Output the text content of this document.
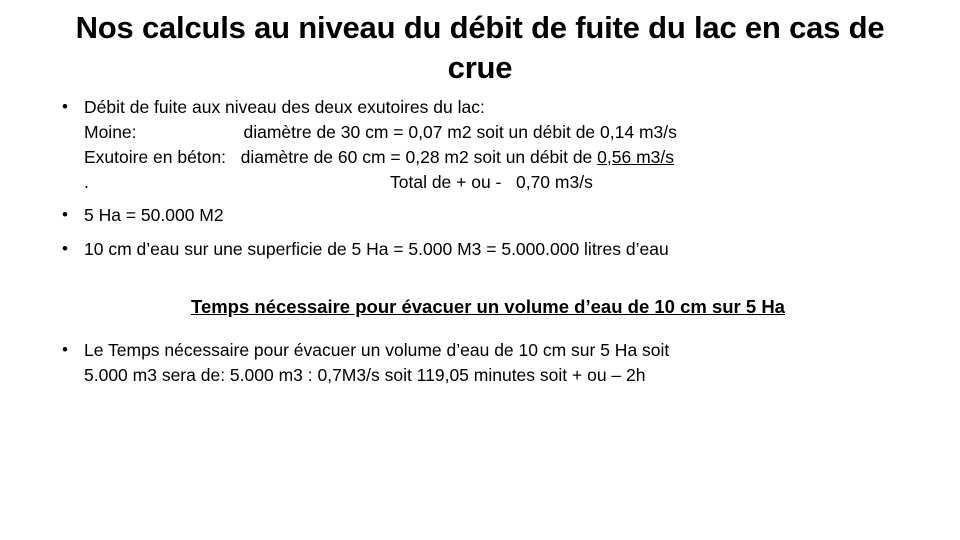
Nos calculs au niveau du débit de fuite du lac en cas de crue
• Débit de fuite aux niveau des deux exutoires du lac:
Moine:                      diamètre de 30 cm = 0,07 m2 soit un débit de 0,14 m3/s
Exutoire en béton:   diamètre de 60 cm = 0,28 m2 soit un débit de 0,56 m3/s
.                                                              Total de + ou -   0,70 m3/s
• 5 Ha = 50.000 M2
• 10 cm d’eau sur une superficie de 5 Ha = 5.000 M3 = 5.000.000 litres d’eau
Temps nécessaire pour évacuer un volume d’eau de 10 cm sur 5 Ha
• Le Temps nécessaire pour évacuer un volume d’eau de 10 cm sur 5 Ha soit
5.000 m3 sera de: 5.000 m3 : 0,7M3/s soit 119,05 minutes soit + ou – 2h
